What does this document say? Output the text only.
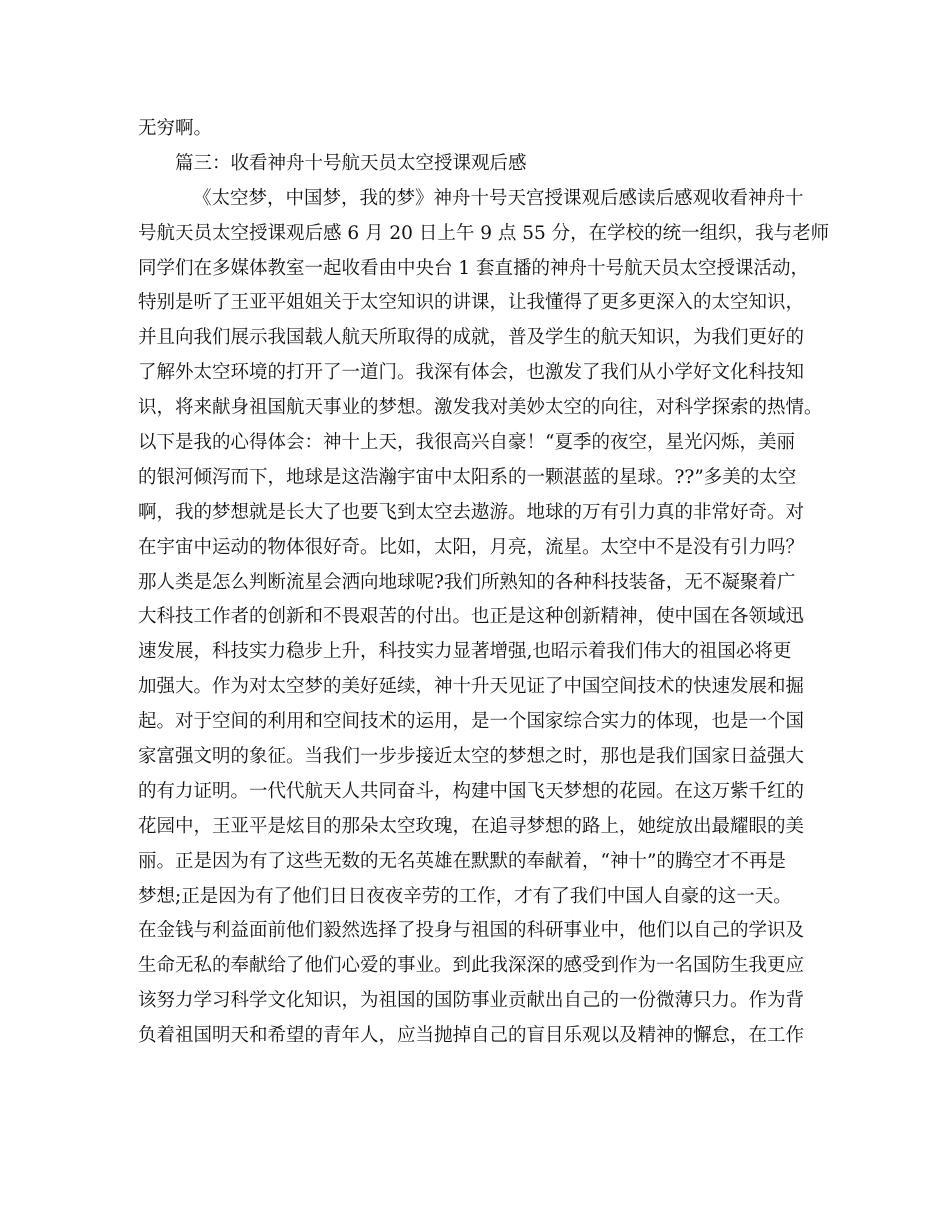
无穷啊。
篇三：收看神舟十号航天员太空授课观后感
《太空梦，中国梦，我的梦》神舟十号天宫授课观后感读后感观收看神舟十
号航天员太空授课观后感 6 月 20 日上午 9 点 55 分，在学校的统一组织，我与老师
同学们在多媒体教室一起收看由中央台 1 套直播的神舟十号航天员太空授课活动，
特别是听了王亚平姐姐关于太空知识的讲课，让我懂得了更多更深入的太空知识，
并且向我们展示我国载人航天所取得的成就，普及学生的航天知识，为我们更好的
了解外太空环境的打开了一道门。我深有体会，也激发了我们从小学好文化科技知
识，将来献身祖国航天事业的梦想。激发我对美妙太空的向往，对科学探索的热情。
以下是我的心得体会：神十上天，我很高兴自豪！“夏季的夜空，星光闪烁，美丽
的银河倾泻而下，地球是这浩瀚宇宙中太阳系的一颗湛蓝的星球。??”多美的太空
啊，我的梦想就是长大了也要飞到太空去遨游。地球的万有引力真的非常好奇。对
在宇宙中运动的物体很好奇。比如，太阳，月亮，流星。太空中不是没有引力吗？
那人类是怎么判断流星会洒向地球呢?我们所熟知的各种科技装备，无不凝聚着广
大科技工作者的创新和不畏艰苦的付出。也正是这种创新精神，使中国在各领域迅
速发展，科技实力稳步上升，科技实力显著增强,也昭示着我们伟大的祖国必将更
加强大。作为对太空梦的美好延续，神十升天见证了中国空间技术的快速发展和掘
起。对于空间的利用和空间技术的运用，是一个国家综合实力的体现，也是一个国
家富强文明的象征。当我们一步步接近太空的梦想之时，那也是我们国家日益强大
的有力证明。一代代航天人共同奋斗，构建中国飞天梦想的花园。在这万紫千红的
花园中，王亚平是炫目的那朵太空玫瑰，在追寻梦想的路上，她绽放出最耀眼的美
丽。正是因为有了这些无数的无名英雄在默默的奉献着，“神十”的腾空才不再是
梦想;正是因为有了他们日日夜夜辛劳的工作，才有了我们中国人自豪的这一天。
在金钱与利益面前他们毅然选择了投身与祖国的科研事业中，他们以自己的学识及
生命无私的奉献给了他们心爱的事业。到此我深深的感受到作为一名国防生我更应
该努力学习科学文化知识，为祖国的国防事业贡献出自己的一份微薄只力。作为背
负着祖国明天和希望的青年人，应当抛掉自己的盲目乐观以及精神的懈怠，在工作
